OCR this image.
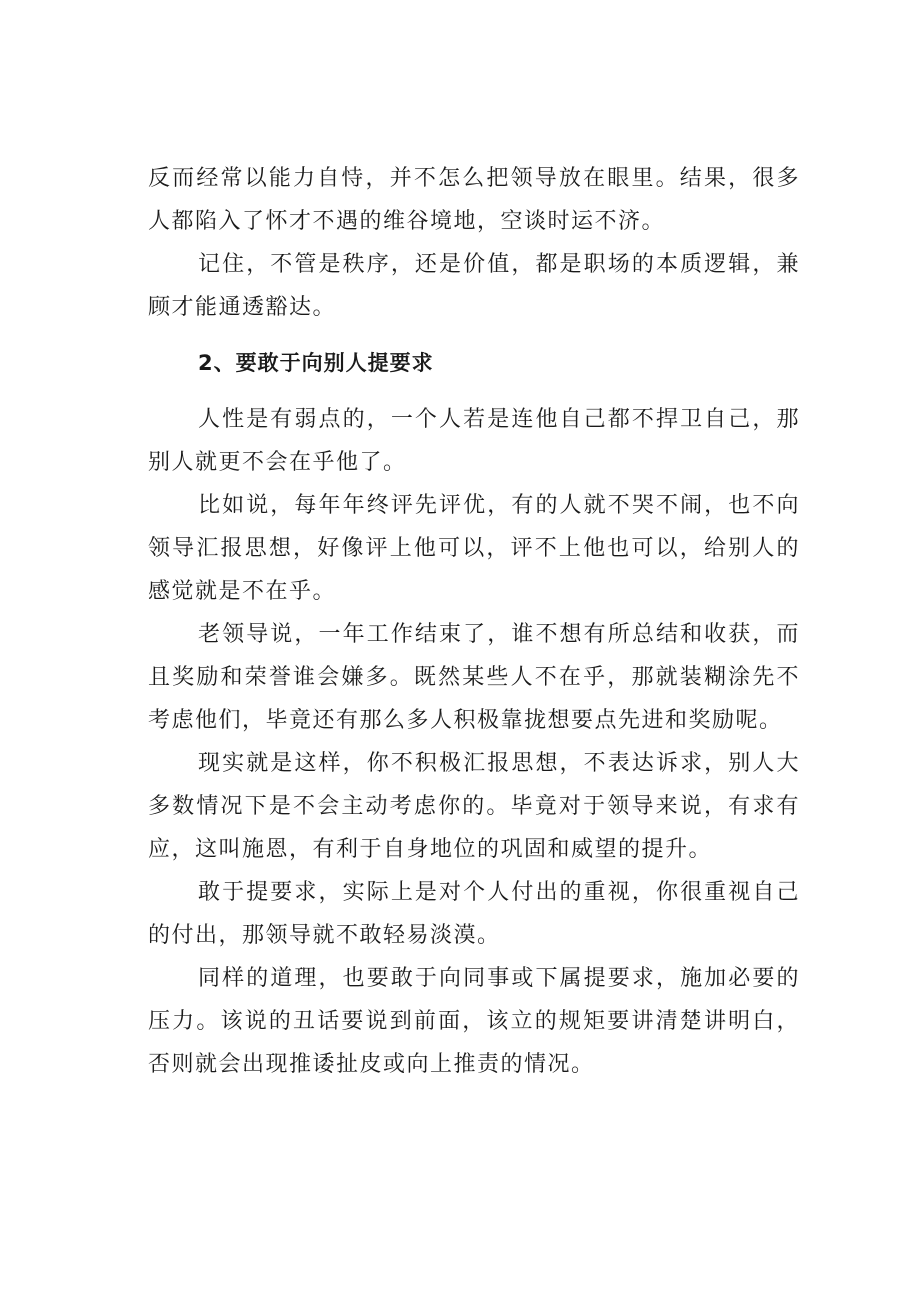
反而经常以能力自恃，并不怎么把领导放在眼里。结果，很多人都陷入了怀才不遇的维谷境地，空谈时运不济。

记住，不管是秩序，还是价值，都是职场的本质逻辑，兼顾才能通透豁达。

2、要敢于向别人提要求

人性是有弱点的，一个人若是连他自己都不捍卫自己，那别人就更不会在乎他了。

比如说，每年年终评先评优，有的人就不哭不闹，也不向领导汇报思想，好像评上他可以，评不上他也可以，给别人的感觉就是不在乎。

老领导说，一年工作结束了，谁不想有所总结和收获，而且奖励和荣誉谁会嫌多。既然某些人不在乎，那就装糊涂先不考虑他们，毕竟还有那么多人积极靠拢想要点先进和奖励呢。

现实就是这样，你不积极汇报思想，不表达诉求，别人大多数情况下是不会主动考虑你的。毕竟对于领导来说，有求有应，这叫施恩，有利于自身地位的巩固和威望的提升。

敢于提要求，实际上是对个人付出的重视，你很重视自己的付出，那领导就不敢轻易淡漠。

同样的道理，也要敢于向同事或下属提要求，施加必要的压力。该说的丑话要说到前面，该立的规矩要讲清楚讲明白，否则就会出现推诿扯皮或向上推责的情况。
